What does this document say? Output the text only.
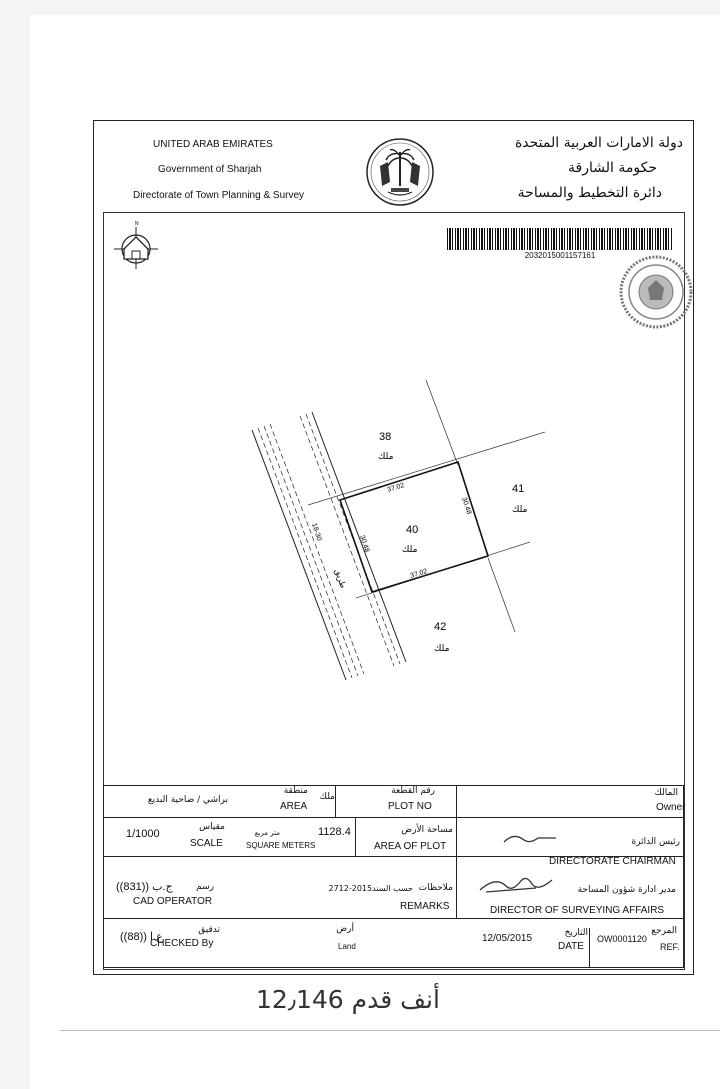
UNITED ARAB EMIRATES
Government of Sharjah
Directorate of Town Planning & Survey
دولة الامارات العربية المتحدة
حكومة الشارقة
دائرة التخطيط والمساحة
2032015001157161
N
38
ملك
41
ملك
40
ملك
42
ملك
37.02
37.02
30.48
30.48
18-30
طريق
المالك
Owner
رقم القطعة
PLOT NO
ملك
منطقة
AREA
براشي / ضاحية البديع
مساحة الأرض
AREA OF PLOT
1128.4
متر مربع
SQUARE METERS
مقياس
SCALE
1/1000
رئيس الدائرة
DIRECTORATE CHAIRMAN
ملاحظات
REMARKS
حسب السند2015-2712
رسم
ج.ب ((831))
CAD OPERATOR
مدير ادارة شؤون المساحة
DIRECTOR OF SURVEYING AFFAIRS
تدقيق
ع.ا ((88))
CHECKED By
أرض
Land
12/05/2015	التاريخ
DATE
المرجع
OW0001120
REF.
12٫146 أنف قدم
